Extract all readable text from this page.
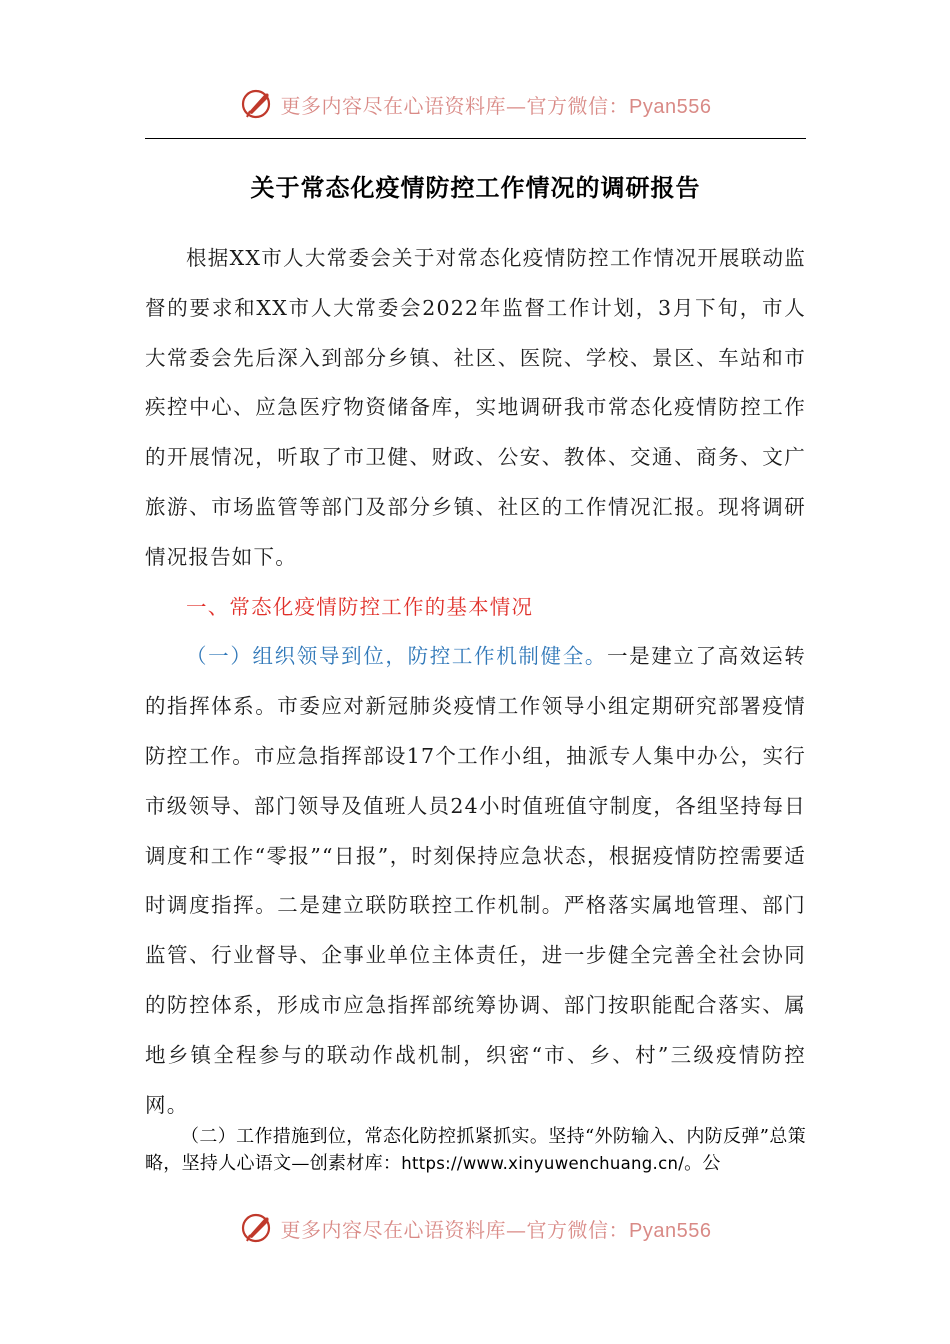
更多内容尽在心语资料库—官方微信：Pyan556
关于常态化疫情防控工作情况的调研报告

根据XX市人大常委会关于对常态化疫情防控工作情况开展联动监督的要求和XX市人大常委会2022年监督工作计划，3月下旬，市人大常委会先后深入到部分乡镇、社区、医院、学校、景区、车站和市疾控中心、应急医疗物资储备库，实地调研我市常态化疫情防控工作的开展情况，听取了市卫健、财政、公安、教体、交通、商务、文广旅游、市场监管等部门及部分乡镇、社区的工作情况汇报。现将调研情况报告如下。

一、常态化疫情防控工作的基本情况

（一）组织领导到位，防控工作机制健全。一是建立了高效运转的指挥体系。市委应对新冠肺炎疫情工作领导小组定期研究部署疫情防控工作。市应急指挥部设17个工作小组，抽派专人集中办公，实行市级领导、部门领导及值班人员24小时值班值守制度，各组坚持每日调度和工作“零报”“日报”，时刻保持应急状态，根据疫情防控需要适时调度指挥。二是建立联防联控工作机制。严格落实属地管理、部门监管、行业督导、企事业单位主体责任，进一步健全完善全社会协同的防控体系，形成市应急指挥部统筹协调、部门按职能配合落实、属地乡镇全程参与的联动作战机制，织密“市、乡、村”三级疫情防控网。

（二）工作措施到位，常态化防控抓紧抓实。坚持“外防输入、内防反弹”总策略，坚持人心语文—创素材库：https://www.xinyuwenchuang.cn/。公
更多内容尽在心语资料库—官方微信：Pyan556
